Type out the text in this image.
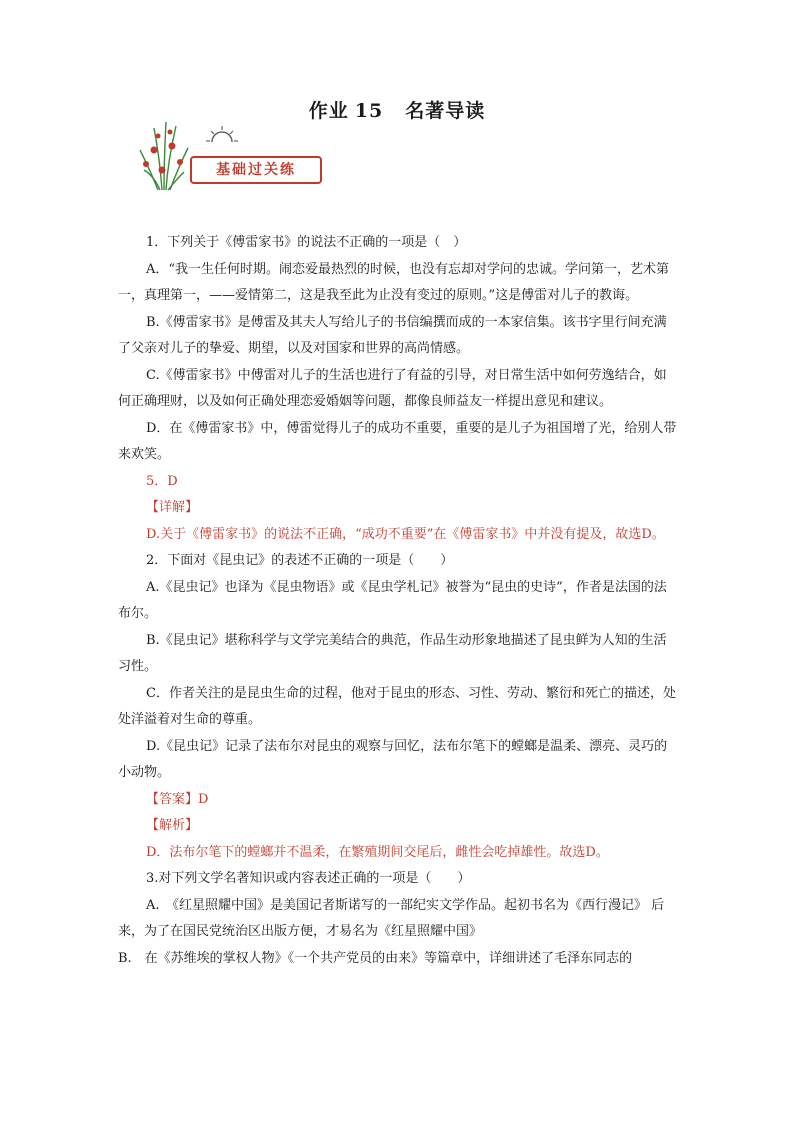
作业 15 名著导读
基础过关练

1．下列关于《傅雷家书》的说法不正确的一项是（　）

A．“我一生任何时期。闹恋爱最热烈的时候，也没有忘却对学问的忠诚。学问第一，艺术第一，真理第一，——爱情第二，这是我至此为止没有变过的原则。”这是傅雷对儿子的教诲。

B.《傅雷家书》是傅雷及其夫人写给儿子的书信编撰而成的一本家信集。该书字里行间充满了父亲对儿子的挚爱、期望，以及对国家和世界的高尚情感。

C.《傅雷家书》中傅雷对儿子的生活也进行了有益的引导，对日常生活中如何劳逸结合，如何正确理财，以及如何正确处理恋爱婚姻等问题，都像良师益友一样提出意见和建议。

D．在《傅雷家书》中，傅雷觉得儿子的成功不重要，重要的是儿子为祖国增了光，给别人带来欢笑。

5．D

【详解】

D.关于《傅雷家书》的说法不正确，“成功不重要”在《傅雷家书》中并没有提及，故选D。

2．下面对《昆虫记》的表述不正确的一项是（　　）

A.《昆虫记》也译为《昆虫物语》或《昆虫学札记》被誉为“昆虫的史诗”，作者是法国的法布尔。

B.《昆虫记》堪称科学与文学完美结合的典范，作品生动形象地描述了昆虫鲜为人知的生活习性。

C．作者关注的是昆虫生命的过程，他对于昆虫的形态、习性、劳动、繁衍和死亡的描述，处处洋溢着对生命的尊重。

D.《昆虫记》记录了法布尔对昆虫的观察与回忆，法布尔笔下的螳螂是温柔、漂亮、灵巧的小动物。

【答案】D

【解析】

D．法布尔笔下的螳螂并不温柔，在繁殖期间交尾后，雌性会吃掉雄性。故选D。

3.对下列文学名著知识或内容表述正确的一项是（　　）

A.　《红星照耀中国》是美国记者斯诺写的一部纪实文学作品。起初书名为《西行漫记》 后来，为了在国民党统治区出版方便，才易名为《红星照耀中国》

B.　在《苏维埃的掌权人物》《一个共产党员的由来》等篇章中，详细讲述了毛泽东同志的
